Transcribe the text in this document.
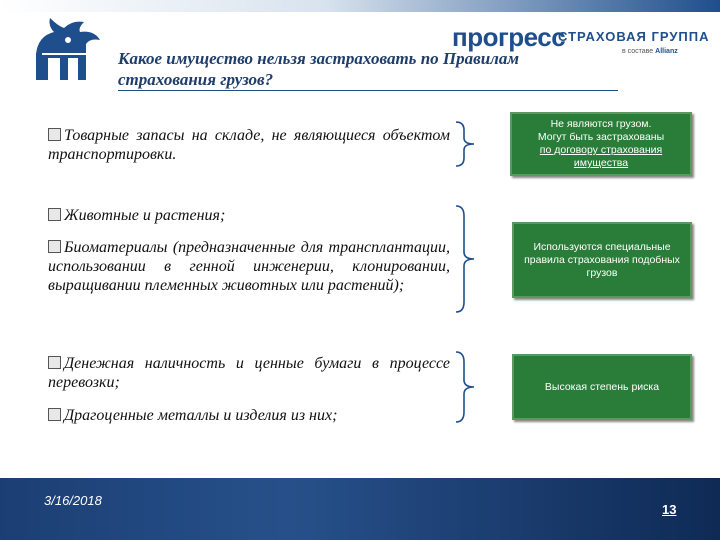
прогресс
СТРАХОВАЯ ГРУППА
в составе Allianz
Какое имущество нельзя застраховать по Правилам страхования грузов?
Товарные запасы на складе, не являющиеся объектом транспортировки.
Животные и растения;
Биоматериалы (предназначенные для трансплантации, использовании в генной инженерии, клонировании, выращивании племенных животных или растений);
Денежная наличность и ценные бумаги в процессе перевозки;
Драгоценные металлы и изделия из них;
Не являются грузом.
Могут быть застрахованы
по договору страхования
имущества
Используются специальные правила страхования подобных грузов
Высокая степень риска
3/16/2018
13
